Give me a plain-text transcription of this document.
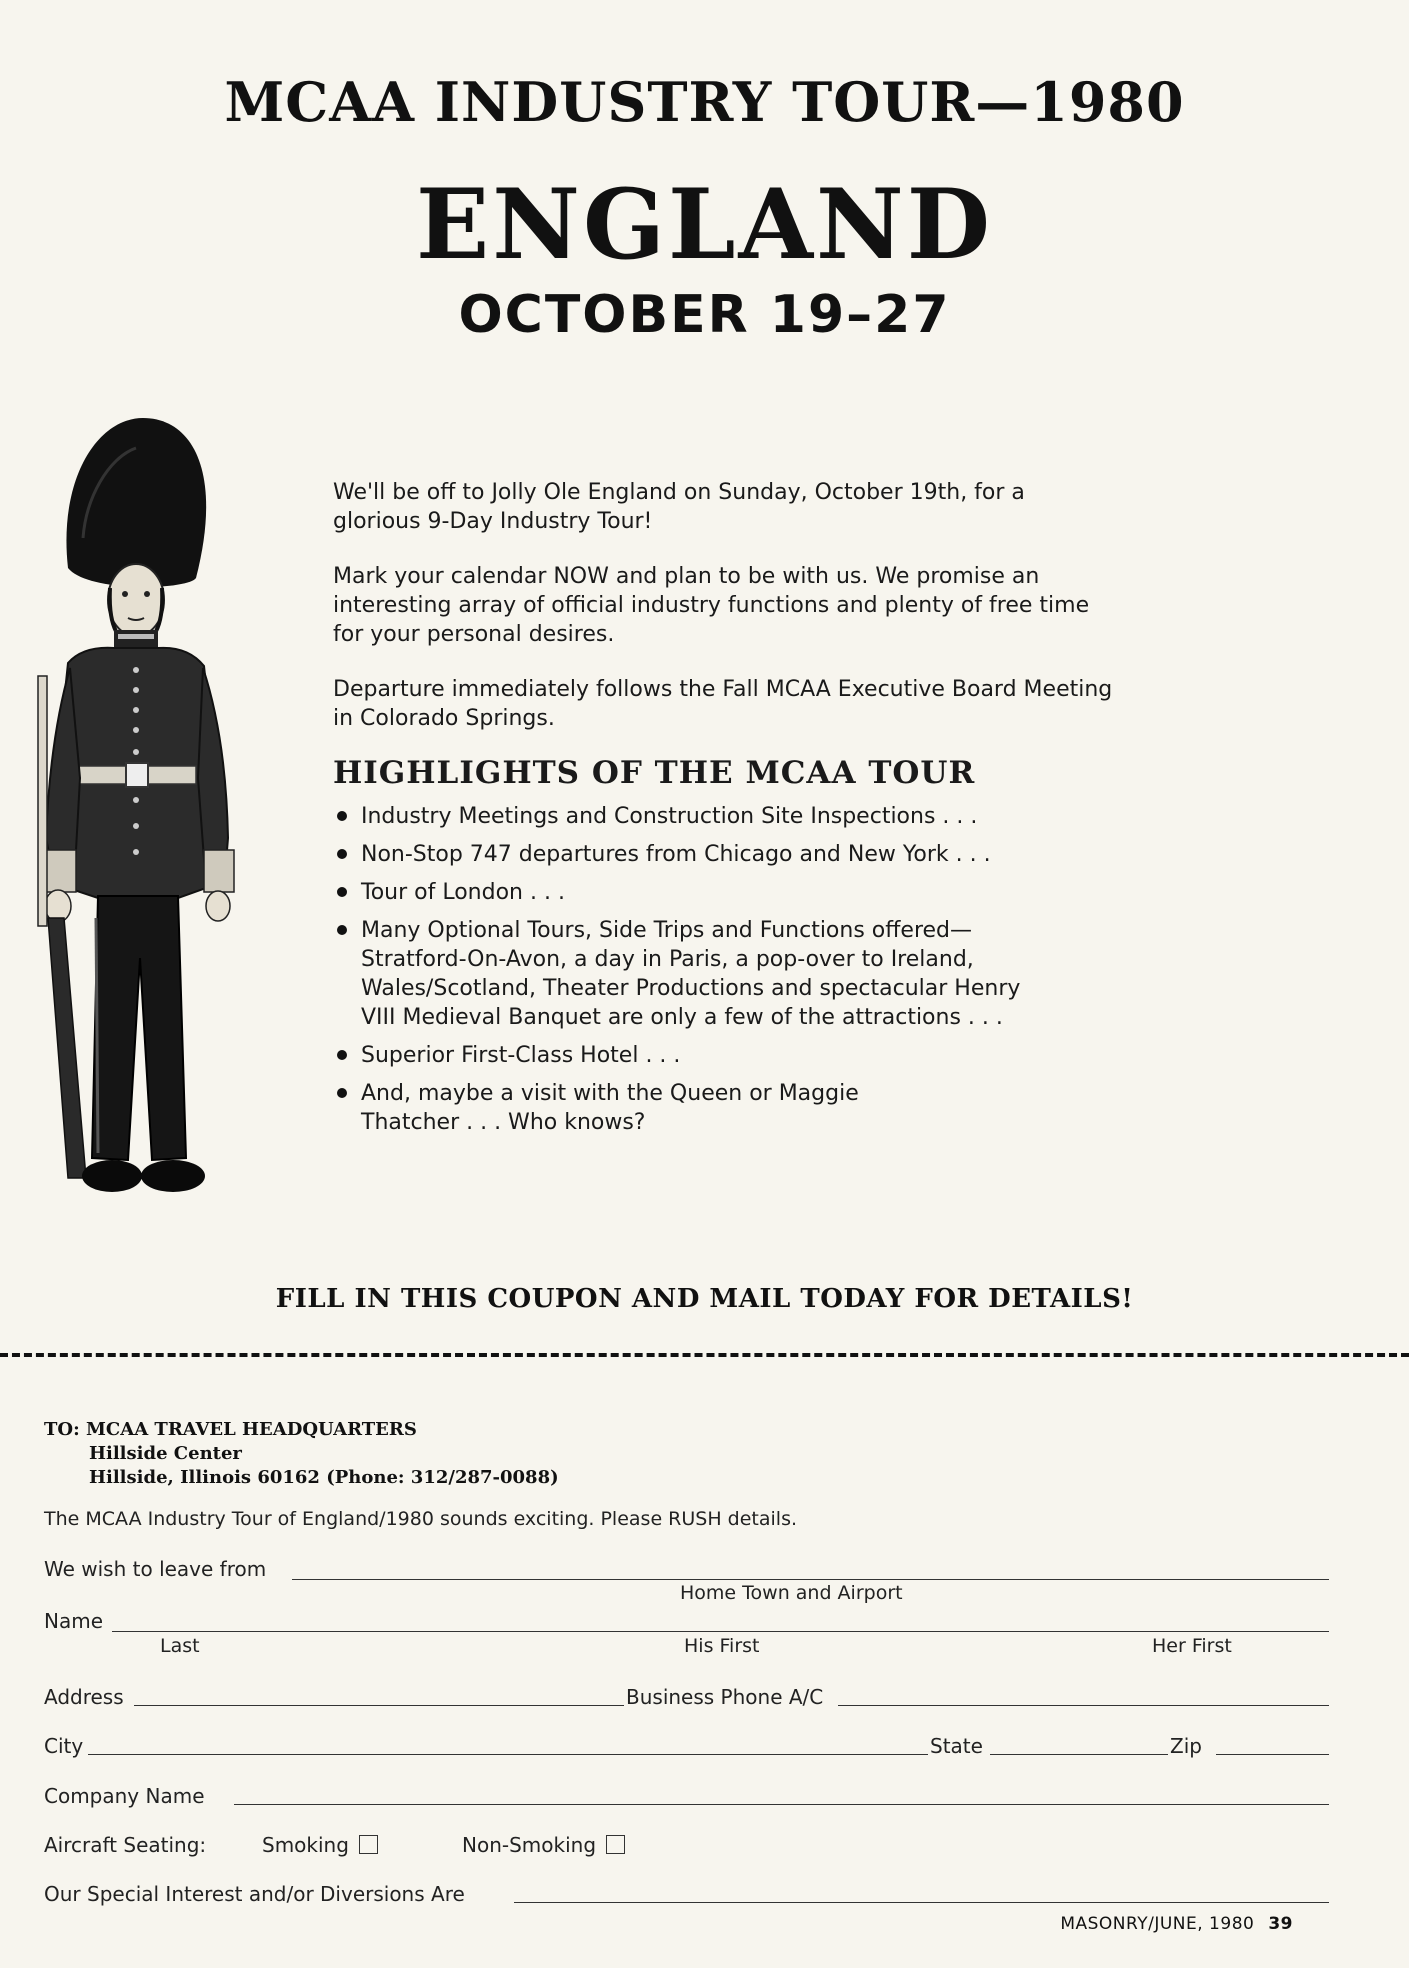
MCAA INDUSTRY TOUR—1980
ENGLAND
OCTOBER 19–27

We'll be off to Jolly Ole England on Sunday, October 19th, for a glorious 9-Day Industry Tour!

Mark your calendar NOW and plan to be with us. We promise an interesting array of official industry functions and plenty of free time for your personal desires.

Departure immediately follows the Fall MCAA Executive Board Meeting in Colorado Springs.

HIGHLIGHTS OF THE MCAA TOUR
Industry Meetings and Construction Site Inspections . . .
Non-Stop 747 departures from Chicago and New York . . .
Tour of London . . .
Many Optional Tours, Side Trips and Functions offered— Stratford-On-Avon, a day in Paris, a pop-over to Ireland, Wales/Scotland, Theater Productions and spectacular Henry VIII Medieval Banquet are only a few of the attractions . . .
Superior First-Class Hotel . . .
And, maybe a visit with the Queen or Maggie Thatcher . . . Who knows?
FILL IN THIS COUPON AND MAIL TODAY FOR DETAILS!
TO: MCAA TRAVEL HEADQUARTERS
Hillside Center
Hillside, Illinois 60162 (Phone: 312/287-0088)
The MCAA Industry Tour of England/1980 sounds exciting. Please RUSH details.
We wish to leave from
Home Town and Airport
Name
Last	His First	Her First
Address	Business Phone A/C
City	State	Zip
Company Name
Aircraft Seating:	Smoking	Non-Smoking
Our Special Interest and/or Diversions Are
MASONRY/JUNE, 1980 39
